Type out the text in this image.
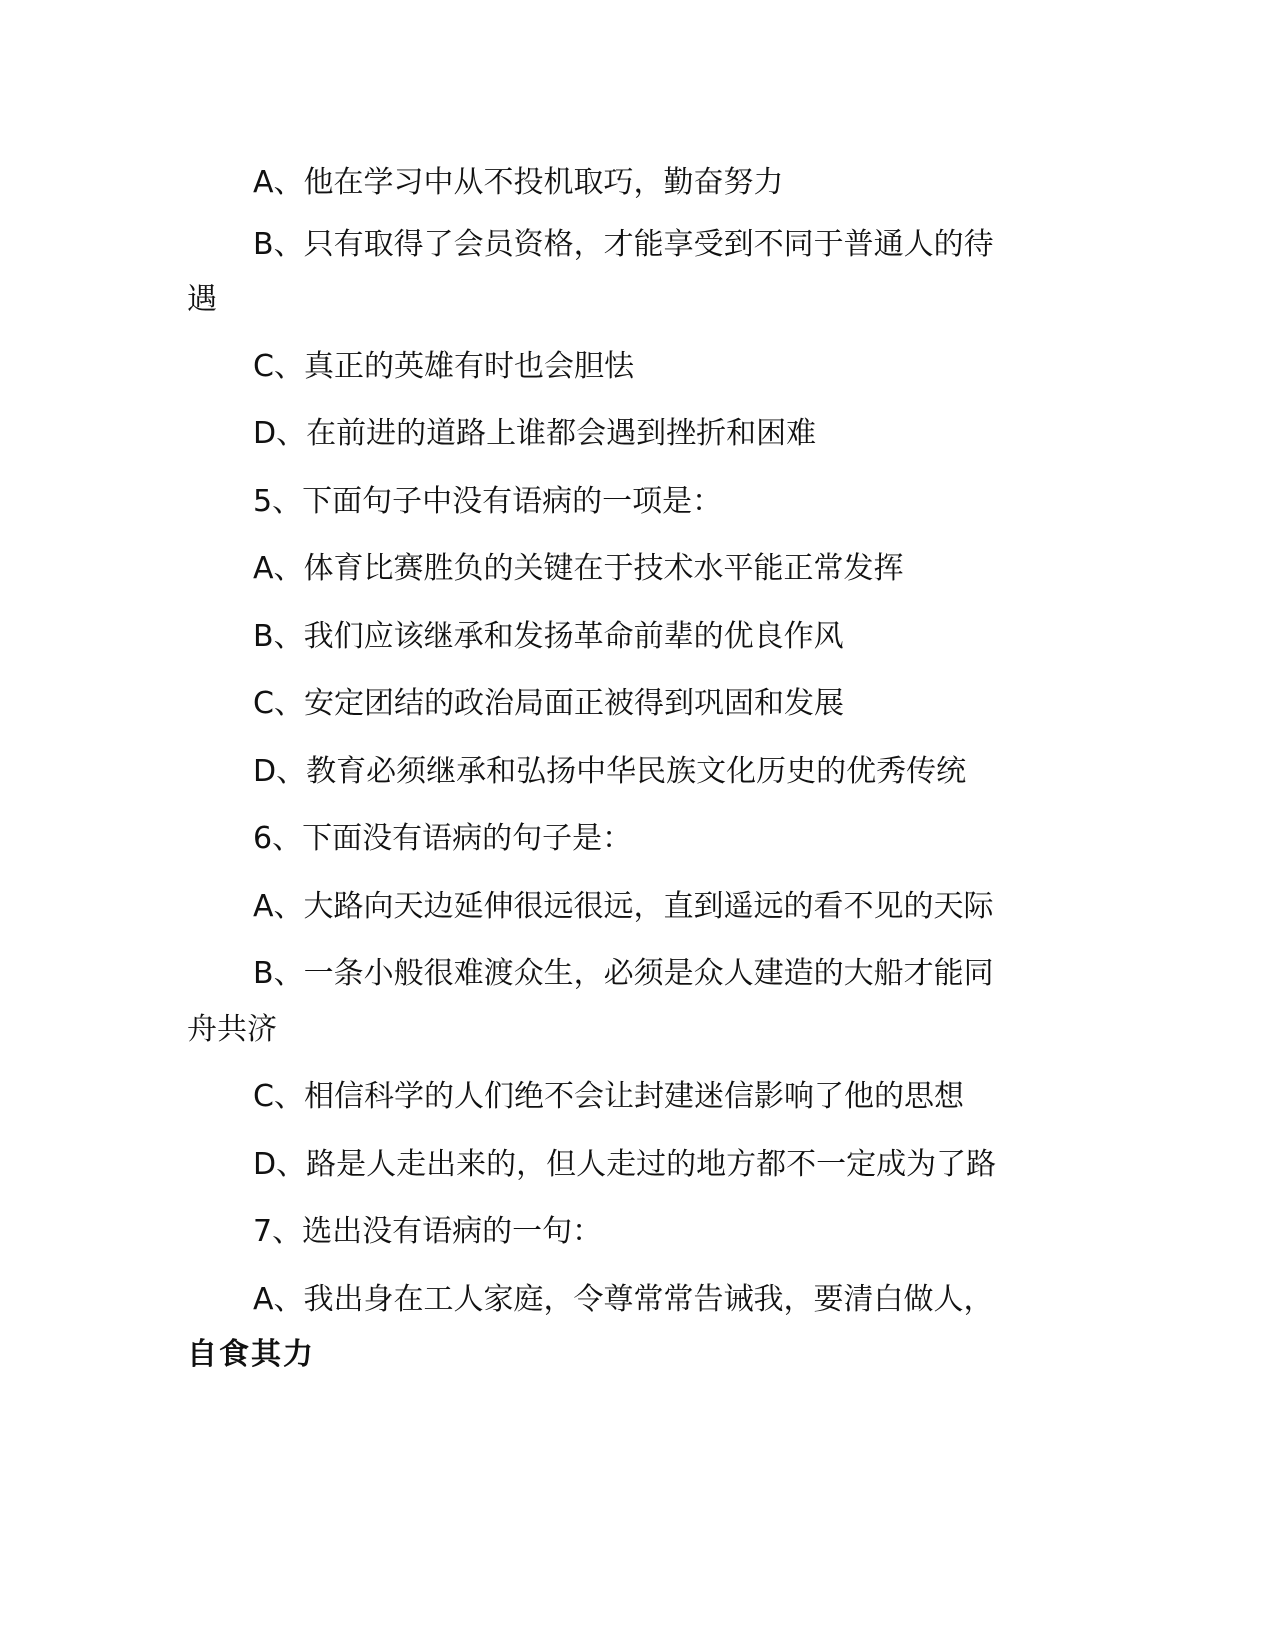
A、他在学习中从不投机取巧，勤奋努力
B、只有取得了会员资格，才能享受到不同于普通人的待
遇
C、真正的英雄有时也会胆怯
D、在前进的道路上谁都会遇到挫折和困难
5、下面句子中没有语病的一项是：
A、体育比赛胜负的关键在于技术水平能正常发挥
B、我们应该继承和发扬革命前辈的优良作风
C、安定团结的政治局面正被得到巩固和发展
D、教育必须继承和弘扬中华民族文化历史的优秀传统
6、下面没有语病的句子是：
A、大路向天边延伸很远很远，直到遥远的看不见的天际
B、一条小般很难渡众生，必须是众人建造的大船才能同
舟共济
C、相信科学的人们绝不会让封建迷信影响了他的思想
D、路是人走出来的，但人走过的地方都不一定成为了路
7、选出没有语病的一句：
A、我出身在工人家庭，令尊常常告诫我，要清白做人，
自食其力
